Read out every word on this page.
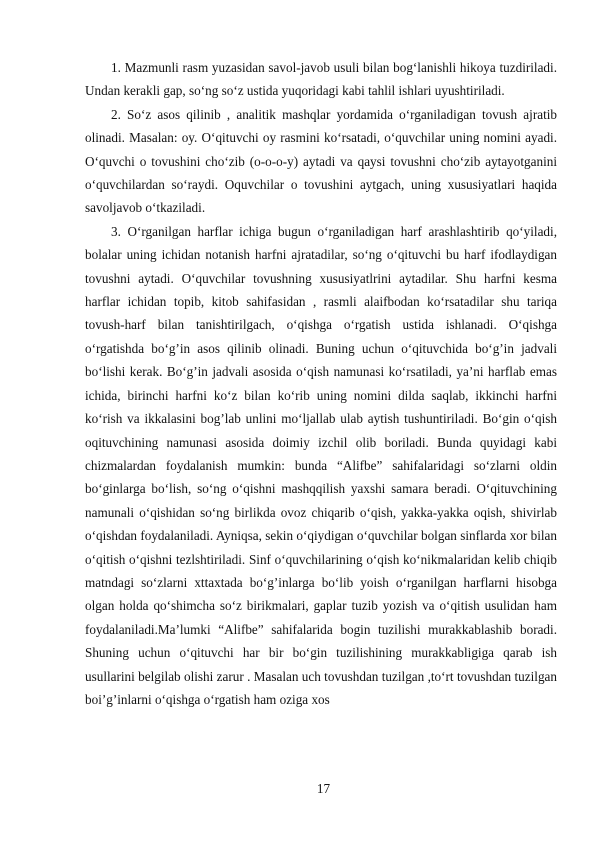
1. Mazmunli rasm yuzasidan savol-javob usuli bilan bog‘lanishli hikoya tuzdiriladi. Undan kerakli gap, so‘ng so‘z ustida yuqoridagi kabi tahlil ishlari uyushtiriladi.

2. So‘z asos qilinib , analitik mashqlar yordamida o‘rganiladigan tovush ajratib olinadi. Masalan: oy. O‘qituvchi oy rasmini ko‘rsatadi, o‘quvchilar uning nomini ayadi. O‘quvchi o tovushini cho‘zib (o-o-o-y) aytadi va qaysi tovushni cho‘zib aytayotganini o‘quvchilardan so‘raydi. Oquvchilar o tovushini aytgach, uning xususiyatlari haqida savoljavob o‘tkaziladi.

3. O‘rganilgan harflar ichiga bugun o‘rganiladigan harf arashlashtirib qo‘yiladi, bolalar uning ichidan notanish harfni ajratadilar, so‘ng o‘qituvchi bu harf ifodlaydigan tovushni aytadi. O‘quvchilar tovushning xususiyatlrini aytadilar. Shu harfni kesma harflar ichidan topib, kitob sahifasidan , rasmli alaifbodan ko‘rsatadilar shu tariqa tovush-harf bilan tanishtirilgach, o‘qishga o‘rgatish ustida ishlanadi. O‘qishga o‘rgatishda bo‘g’in asos qilinib olinadi. Buning uchun o‘qituvchida bo‘g’in jadvali bo‘lishi kerak. Bo‘g’in jadvali asosida o‘qish namunasi ko‘rsatiladi, ya’ni harflab emas ichida, birinchi harfni ko‘z bilan ko‘rib uning nomini dilda saqlab, ikkinchi harfni ko‘rish va ikkalasini bog’lab unlini mo‘ljallab ulab aytish tushuntiriladi. Bo‘gin o‘qish oqituvchining namunasi asosida doimiy izchil olib boriladi. Bunda quyidagi kabi chizmalardan foydalanish mumkin: bunda “Alifbe” sahifalaridagi so‘zlarni oldin bo‘ginlarga bo‘lish, so‘ng o‘qishni mashqqilish yaxshi samara beradi. O‘qituvchining namunali o‘qishidan so‘ng birlikda ovoz chiqarib o‘qish, yakka-yakka oqish, shivirlab o‘qishdan foydalaniladi. Ayniqsa, sekin o‘qiydigan o‘quvchilar bolgan sinflarda xor bilan o‘qitish o‘qishni tezlshtiriladi. Sinf o‘quvchilarining o‘qish ko‘nikmalaridan kelib chiqib matndagi so‘zlarni xttaxtada bo‘g’inlarga bo‘lib yoish o‘rganilgan harflarni hisobga olgan holda qo‘shimcha so‘z birikmalari, gaplar tuzib yozish va o‘qitish usulidan ham foydalaniladi.Ma’lumki “Alifbe” sahifalarida bogin tuzilishi murakkablashib boradi. Shuning uchun o‘qituvchi har bir bo‘gin tuzilishining murakkabligiga qarab ish usullarini belgilab olishi zarur . Masalan uch tovushdan tuzilgan ,to‘rt tovushdan tuzilgan boi’g’inlarni o‘qishga o‘rgatish ham oziga xos

17
